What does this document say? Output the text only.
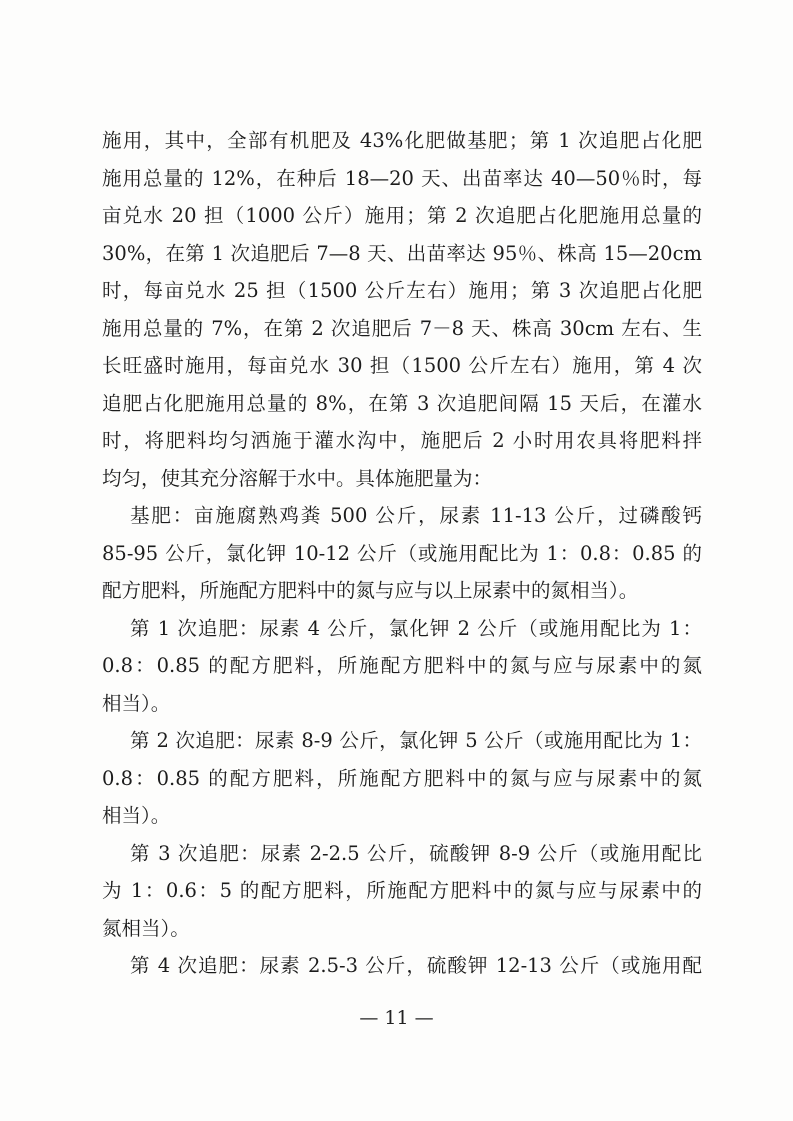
施用，其中，全部有机肥及 43%化肥做基肥；第 1 次追肥占化肥
施用总量的 12%，在种后 18—20 天、出苗率达 40—50％时，每
亩兑水 20 担（1000 公斤）施用；第 2 次追肥占化肥施用总量的
30%，在第 1 次追肥后 7—8 天、出苗率达 95％、株高 15—20cm
时，每亩兑水 25 担（1500 公斤左右）施用；第 3 次追肥占化肥
施用总量的 7%，在第 2 次追肥后 7－8 天、株高 30cm 左右、生
长旺盛时施用，每亩兑水 30 担（1500 公斤左右）施用，第 4 次
追肥占化肥施用总量的 8%，在第 3 次追肥间隔 15 天后，在灌水
时，将肥料均匀洒施于灌水沟中，施肥后 2 小时用农具将肥料拌
均匀，使其充分溶解于水中。具体施肥量为：
基肥：亩施腐熟鸡粪 500 公斤，尿素 11-13 公斤，过磷酸钙
85-95 公斤，氯化钾 10-12 公斤（或施用配比为 1：0.8：0.85 的
配方肥料，所施配方肥料中的氮与应与以上尿素中的氮相当）。
第 1 次追肥：尿素 4 公斤，氯化钾 2 公斤（或施用配比为 1：
0.8：0.85 的配方肥料，所施配方肥料中的氮与应与尿素中的氮
相当）。
第 2 次追肥：尿素 8-9 公斤，氯化钾 5 公斤（或施用配比为 1：
0.8：0.85 的配方肥料，所施配方肥料中的氮与应与尿素中的氮
相当）。
第 3 次追肥：尿素 2-2.5 公斤，硫酸钾 8-9 公斤（或施用配比
为 1：0.6：5 的配方肥料，所施配方肥料中的氮与应与尿素中的
氮相当）。
第 4 次追肥：尿素 2.5-3 公斤，硫酸钾 12-13 公斤（或施用配
— 11 —
